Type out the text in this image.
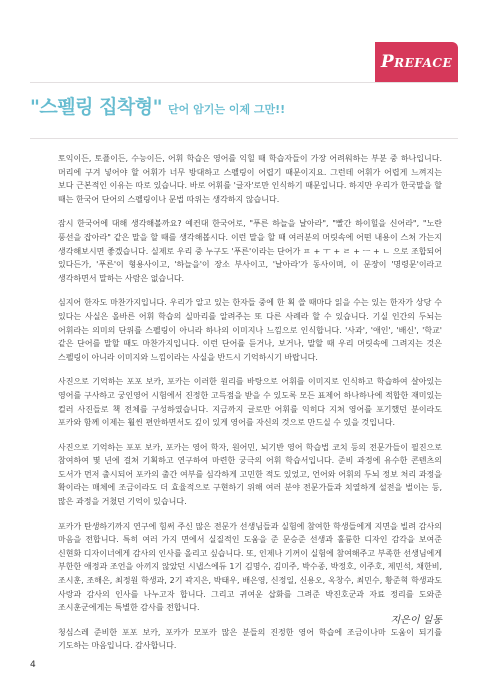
PREFACE
"스펠링 집착형" 단어 암기는 이제 그만!!

토익이든, 토플이든, 수능이든, 어휘 학습은 영어를 익힐 때 학습자들이 가장 어려워하는 부분 중 하나입니다. 머리에 구겨 넣어야 할 어휘가 너무 방대하고 스펠링이 어렵기 때문이지요. 그런데 어휘가 어렵게 느껴지는 보다 근본적인 이유는 따로 있습니다. 바로 어휘를 '글자'로만 인식하기 때문입니다. 하지만 우리가 한국말을 할 때는 한국어 단어의 스펠링이나 문법 따위는 생각하지 않습니다.

잠시 한국어에 대해 생각해볼까요? 예컨대 한국어로, "푸른 하늘을 날아라", "빨간 하이힐을 신어라", "노란 풍선을 잡아라" 같은 말을 할 때를 생각해봅시다. 이런 말을 할 때 여러분의 머릿속에 어떤 내용이 스쳐 가는지 생각해보시면 좋겠습니다. 실제로 우리 중 누구도 '푸른'이라는 단어가 ㅍ + ㅜ + ㄹ + ㅡ + ㄴ 으로 조합되어 있다든가, '푸른'이 형용사이고, '하늘을'이 장소 부사이고, '날아라'가 동사이며, 이 문장이 '명령문'이라고 생각하면서 말하는 사람은 없습니다.

심지어 한자도 마찬가지입니다. 우리가 알고 있는 한자들 중에 한 획 쓸 때마다 읽을 수는 있는 한자가 상당 수 있다는 사실은 올바른 어휘 학습의 실마리를 알려주는 또 다른 사례라 할 수 있습니다. 기실 인간의 두뇌는 어휘라는 의미의 단위를 스펠링이 아니라 하나의 이미지나 느낌으로 인식합니다. '사과', '애인', '배신', '학교' 같은 단어를 말할 때도 마찬가지입니다. 이런 단어를 듣거나, 보거나, 말할 때 우리 머릿속에 그려지는 것은 스펠링이 아니라 이미지와 느낌이라는 사실을 반드시 기억하시기 바랍니다.

사진으로 기억하는 포포 보카, 포카는 이러한 원리를 바탕으로 어휘를 이미지로 인식하고 학습하여 살아있는 영어를 구사하고 궁인영어 시험에서 진정한 고득점을 받을 수 있도록 모든 표제어 하나하나에 적합한 재미있는 컬러 사진들로 책 전체를 구성하였습니다. 지금까지 글로만 어휘를 익히다 지쳐 영어를 포기했던 분이라도 포카와 함께 이제는 훨씬 편안하면서도 깊이 있게 영어를 자신의 것으로 만드실 수 있을 것입니다.

사진으로 기억하는 포포 보카, 포카는 영어 학자, 원어민, 뇌기반 영어 학습법 코치 등의 전문가들이 필진으로 참여하여 몇 년에 걸쳐 기획하고 연구하여 마련한 궁극의 어휘 학습서입니다. 준비 과정에 유수한 콘텐츠의 도서가 먼저 출시되어 포카의 출간 여부를 심각하게 고민한 적도 있었고, 언어와 어휘의 두뇌 정보 처리 과정을 확이라는 매체에 조금이라도 더 효율적으로 구현하기 위해 여러 분야 전문가들과 치열하게 설전을 벌이는 등, 많은 과정을 거쳤던 기억이 있습니다.

포카가 탄생하기까지 연구에 힘써 주신 많은 전문가 선생님들과 실험에 참여한 학생들에게 지면을 빌려 감사의 마음을 전합니다. 특히 여러 가지 면에서 실질적인 도움을 준 문승준 선생과 훌륭한 디자인 감각을 보여준 신현화 디자이너에게 감사의 인사를 올리고 싶습니다. 또, 인제나 기꺼이 실험에 참여해주고 부족한 선생님에게 부한한 애정과 조언을 아끼지 않았던 시냅스에듀 1기 김명수, 김미주, 박수종, 박정호, 이주호, 제민석, 채한비, 조시훈, 조해은, 최정원 학생과, 2기 곽지은, 박태우, 배은영, 신정일, 신용오, 옥창수, 최민수, 황준혁 학생과도 사랑과 감사의 인사를 나누고자 합니다. 그리고 귀여운 삽화를 그려준 박진호군과 자료 정리를 도와준 조시훈군에게는 특별한 감사를 전합니다.

청심스레 준비한 포포 보카, 포카가 모포카 많은 분들의 진정한 영어 학습에 조금이나마 도움이 되기를 기도하는 마음입니다. 감사합니다.

지은이 일동
4
